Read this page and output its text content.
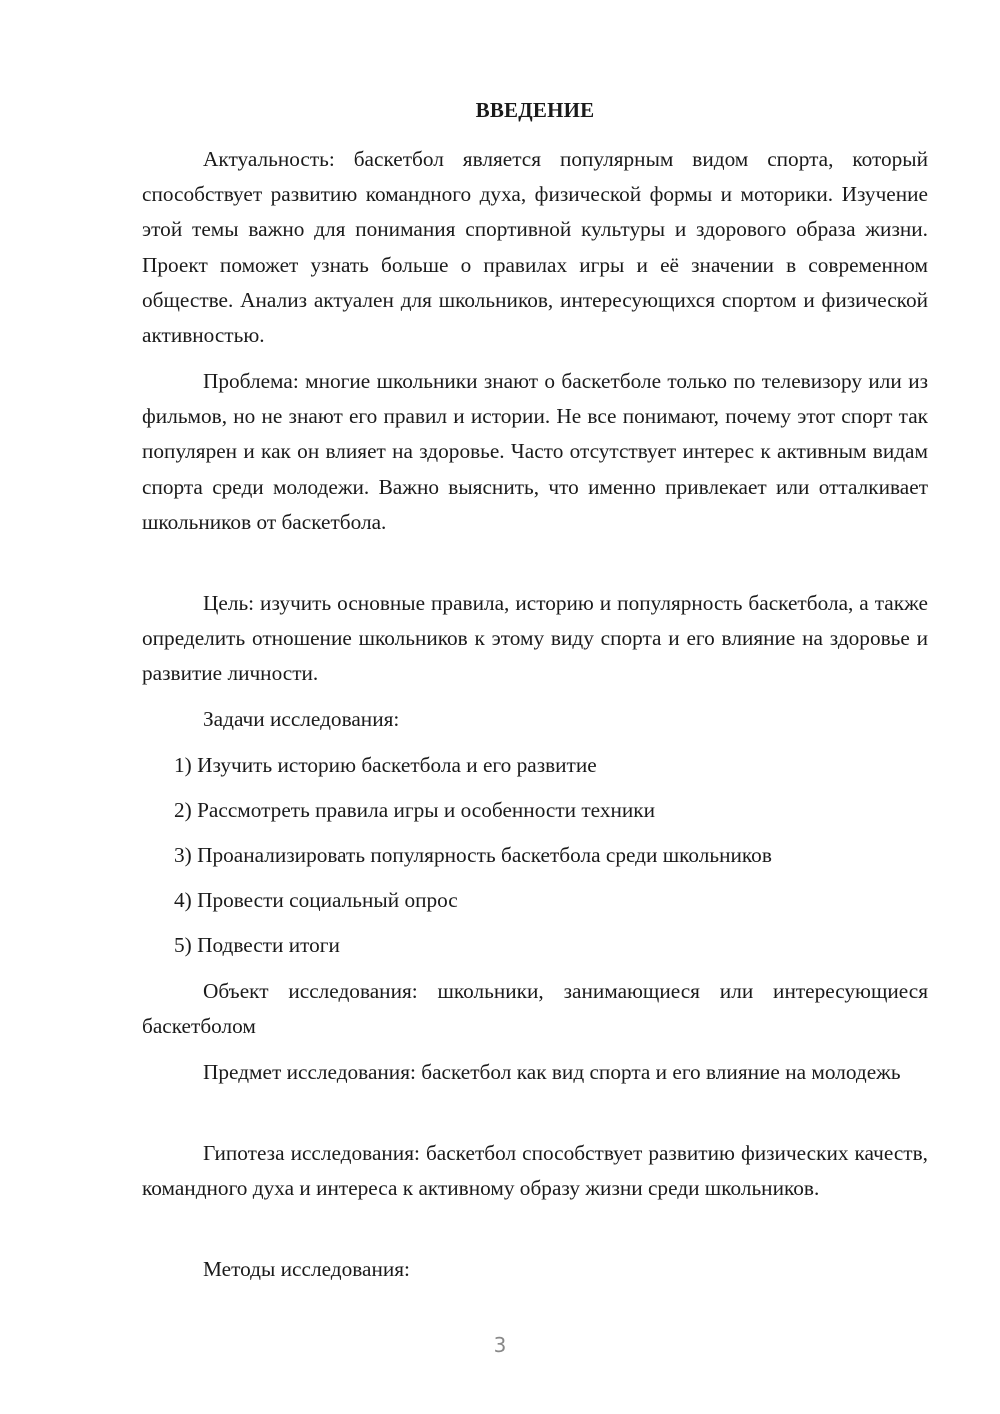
ВВЕДЕНИЕ

Актуальность: баскетбол является популярным видом спорта, который способствует развитию командного духа, физической формы и моторики. Изучение этой темы важно для понимания спортивной культуры и здорового образа жизни. Проект поможет узнать больше о правилах игры и её значении в современном обществе. Анализ актуален для школьников, интересующихся спортом и физической активностью.

Проблема: многие школьники знают о баскетболе только по телевизору или из фильмов, но не знают его правил и истории. Не все понимают, почему этот спорт так популярен и как он влияет на здоровье. Часто отсутствует интерес к активным видам спорта среди молодежи. Важно выяснить, что именно привлекает или отталкивает школьников от баскетбола.

Цель: изучить основные правила, историю и популярность баскетбола, а также определить отношение школьников к этому виду спорта и его влияние на здоровье и развитие личности.

Задачи исследования:

1) Изучить историю баскетбола и его развитие
2) Рассмотреть правила игры и особенности техники
3) Проанализировать популярность баскетбола среди школьников
4) Провести социальный опрос
5) Подвести итоги

Объект исследования: школьники, занимающиеся или интересующиеся баскетболом

Предмет исследования: баскетбол как вид спорта и его влияние на молодежь

Гипотеза исследования: баскетбол способствует развитию физических качеств, командного духа и интереса к активному образу жизни среди школьников.

Методы исследования:

3
